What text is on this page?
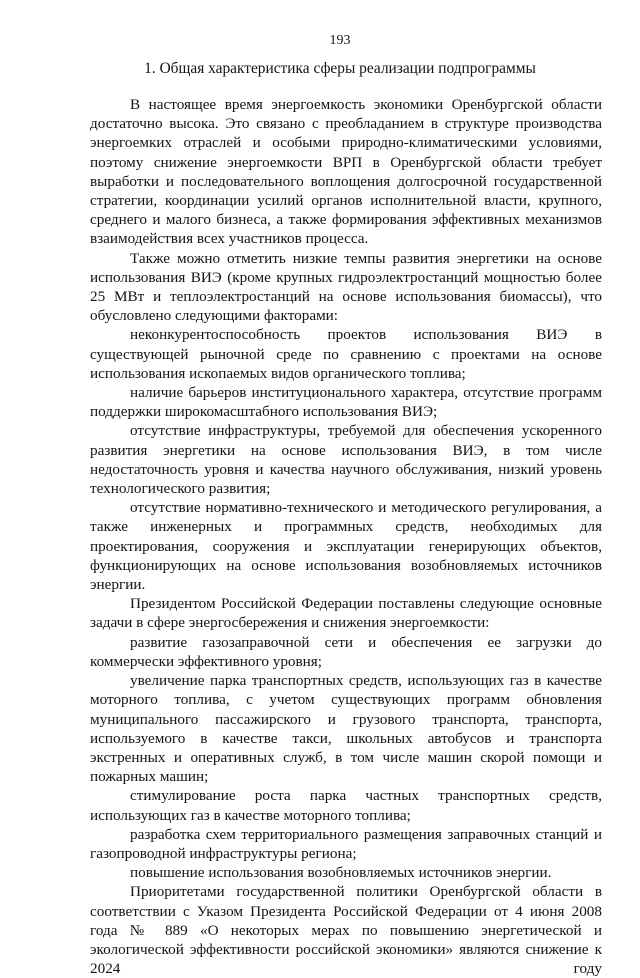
193
1. Общая характеристика сферы реализации подпрограммы

В настоящее время энергоемкость экономики Оренбургской области достаточно высока. Это связано с преобладанием в структуре производства энергоемких отраслей и особыми природно-климатическими условиями, поэтому снижение энергоемкости ВРП в Оренбургской области требует выработки и последовательного воплощения долгосрочной государственной стратегии, координации усилий органов исполнительной власти, крупного, среднего и малого бизнеса, а также формирования эффективных механизмов взаимодействия всех участников процесса.

Также можно отметить низкие темпы развития энергетики на основе использования ВИЭ (кроме крупных гидроэлектростанций мощностью более 25 МВт и теплоэлектростанций на основе использования биомассы), что обусловлено следующими факторами:

неконкурентоспособность проектов использования ВИЭ в существующей рыночной среде по сравнению с проектами на основе использования ископаемых видов органического топлива;

наличие барьеров институционального характера, отсутствие программ поддержки широкомасштабного использования ВИЭ;

отсутствие инфраструктуры, требуемой для обеспечения ускоренного развития энергетики на основе использования ВИЭ, в том числе недостаточность уровня и качества научного обслуживания, низкий уровень технологического развития;

отсутствие нормативно-технического и методического регулирования, а также инженерных и программных средств, необходимых для проектирования, сооружения и эксплуатации генерирующих объектов, функционирующих на основе использования возобновляемых источников энергии.

Президентом Российской Федерации поставлены следующие основные задачи в сфере энергосбережения и снижения энергоемкости:

развитие газозаправочной сети и обеспечения ее загрузки до коммерчески эффективного уровня;

увеличение парка транспортных средств, использующих газ в качестве моторного топлива, с учетом существующих программ обновления муниципального пассажирского и грузового транспорта, транспорта, используемого в качестве такси, школьных автобусов и транспорта экстренных и оперативных служб, в том числе машин скорой помощи и пожарных машин;

стимулирование роста парка частных транспортных средств, использующих газ в качестве моторного топлива;

разработка схем территориального размещения заправочных станций и газопроводной инфраструктуры региона;

повышение использования возобновляемых источников энергии.

Приоритетами государственной политики Оренбургской области в соответствии с Указом Президента Российской Федерации от 4 июня 2008 года № 889 «О некоторых мерах по повышению энергетической и экологической эффективности российской экономики» являются снижение к 2024 году
